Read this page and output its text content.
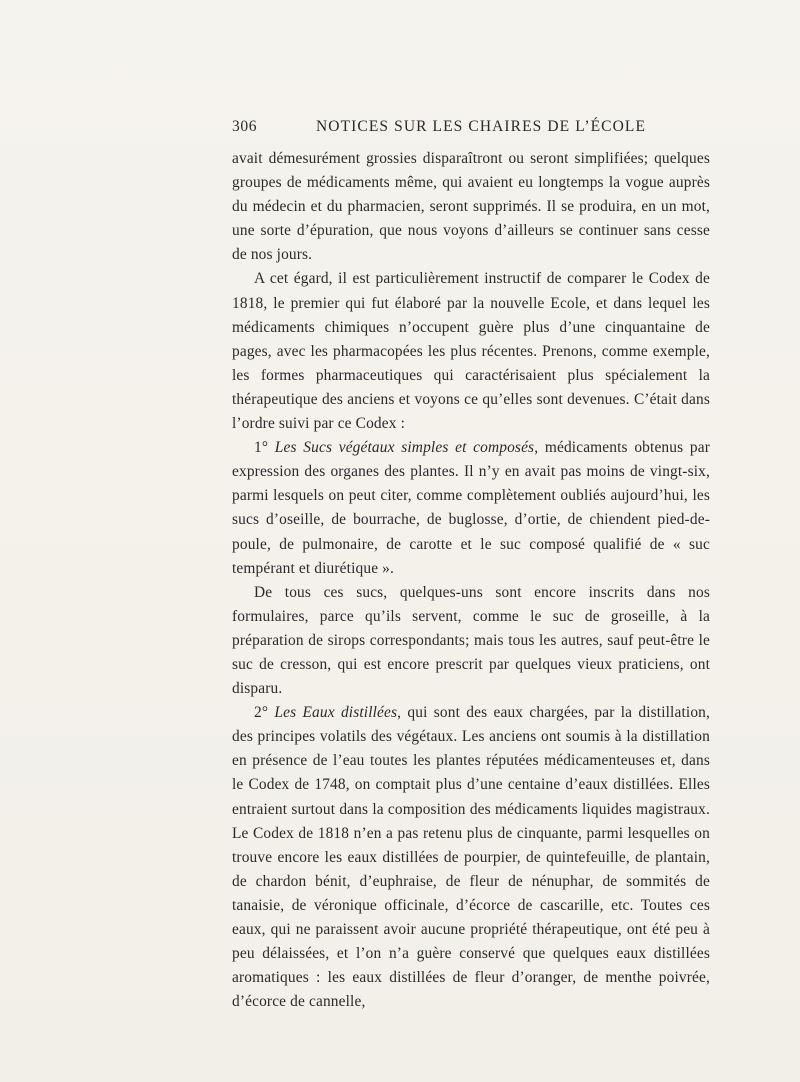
306	NOTICES SUR LES CHAIRES DE L’ÉCOLE

avait démesurément grossies disparaîtront ou seront simplifiées; quelques groupes de médicaments même, qui avaient eu longtemps la vogue auprès du médecin et du pharmacien, seront supprimés. Il se produira, en un mot, une sorte d’épuration, que nous voyons d’ailleurs se continuer sans cesse de nos jours.

A cet égard, il est particulièrement instructif de comparer le Codex de 1818, le premier qui fut élaboré par la nouvelle Ecole, et dans lequel les médicaments chimiques n’occupent guère plus d’une cinquantaine de pages, avec les pharmacopées les plus récentes. Prenons, comme exemple, les formes pharmaceutiques qui caractérisaient plus spécialement la thérapeutique des anciens et voyons ce qu’elles sont devenues. C’était dans l’ordre suivi par ce Codex :

1° Les Sucs végétaux simples et composés, médicaments obtenus par expression des organes des plantes. Il n’y en avait pas moins de vingt-six, parmi lesquels on peut citer, comme complètement oubliés aujourd’hui, les sucs d’oseille, de bourrache, de buglosse, d’ortie, de chiendent pied-de-poule, de pulmonaire, de carotte et le suc composé qualifié de « suc tempérant et diurétique ».

De tous ces sucs, quelques-uns sont encore inscrits dans nos formulaires, parce qu’ils servent, comme le suc de groseille, à la préparation de sirops correspondants; mais tous les autres, sauf peut-être le suc de cresson, qui est encore prescrit par quelques vieux praticiens, ont disparu.

2° Les Eaux distillées, qui sont des eaux chargées, par la distillation, des principes volatils des végétaux. Les anciens ont soumis à la distillation en présence de l’eau toutes les plantes réputées médicamenteuses et, dans le Codex de 1748, on comptait plus d’une centaine d’eaux distillées. Elles entraient surtout dans la composition des médicaments liquides magistraux. Le Codex de 1818 n’en a pas retenu plus de cinquante, parmi lesquelles on trouve encore les eaux distillées de pourpier, de quintefeuille, de plantain, de chardon bénit, d’euphraise, de fleur de nénuphar, de sommités de tanaisie, de véronique officinale, d’écorce de cascarille, etc. Toutes ces eaux, qui ne paraissent avoir aucune propriété thérapeutique, ont été peu à peu délaissées, et l’on n’a guère conservé que quelques eaux distillées aromatiques : les eaux distillées de fleur d’oranger, de menthe poivrée, d’écorce de cannelle,
